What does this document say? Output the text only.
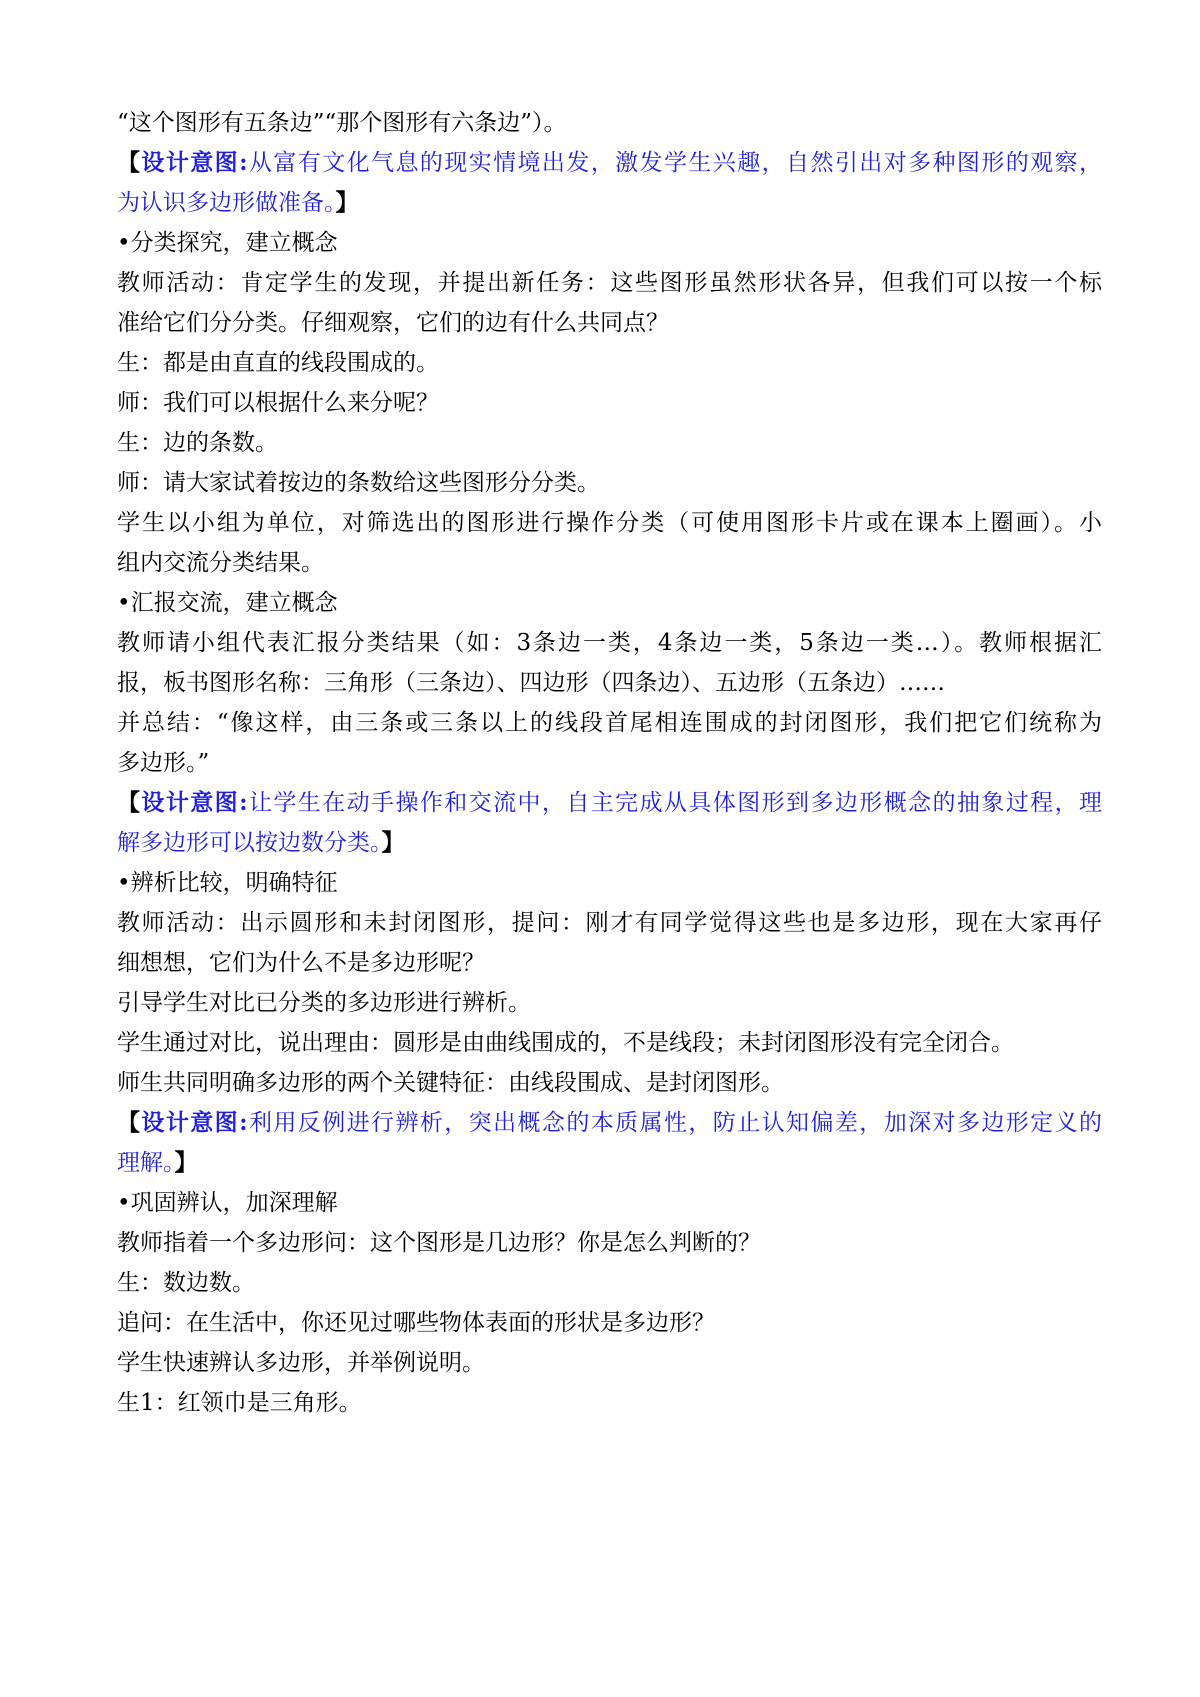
“这个图形有五条边”“那个图形有六条边”）。
【设计意图:从富有文化气息的现实情境出发，激发学生兴趣，自然引出对多种图形的观察，
为认识多边形做准备。】
•分类探究，建立概念
教师活动：肯定学生的发现，并提出新任务：这些图形虽然形状各异，但我们可以按一个标
准给它们分分类。仔细观察，它们的边有什么共同点？
生：都是由直直的线段围成的。
师：我们可以根据什么来分呢？
生：边的条数。
师：请大家试着按边的条数给这些图形分分类。
学生以小组为单位，对筛选出的图形进行操作分类（可使用图形卡片或在课本上圈画）。小
组内交流分类结果。
•汇报交流，建立概念
教师请小组代表汇报分类结果（如：3条边一类，4条边一类，5条边一类…）。教师根据汇
报，板书图形名称：三角形（三条边）、四边形（四条边）、五边形（五条边）……
并总结：“像这样，由三条或三条以上的线段首尾相连围成的封闭图形，我们把它们统称为
多边形。”
【设计意图:让学生在动手操作和交流中，自主完成从具体图形到多边形概念的抽象过程，理
解多边形可以按边数分类。】
•辨析比较，明确特征
教师活动：出示圆形和未封闭图形，提问：刚才有同学觉得这些也是多边形，现在大家再仔
细想想，它们为什么不是多边形呢？
引导学生对比已分类的多边形进行辨析。
学生通过对比，说出理由：圆形是由曲线围成的，不是线段；未封闭图形没有完全闭合。
师生共同明确多边形的两个关键特征：由线段围成、是封闭图形。
【设计意图:利用反例进行辨析，突出概念的本质属性，防止认知偏差，加深对多边形定义的
理解。】
•巩固辨认，加深理解
教师指着一个多边形问：这个图形是几边形？你是怎么判断的？
生：数边数。
追问：在生活中，你还见过哪些物体表面的形状是多边形？
学生快速辨认多边形，并举例说明。
生1：红领巾是三角形。
